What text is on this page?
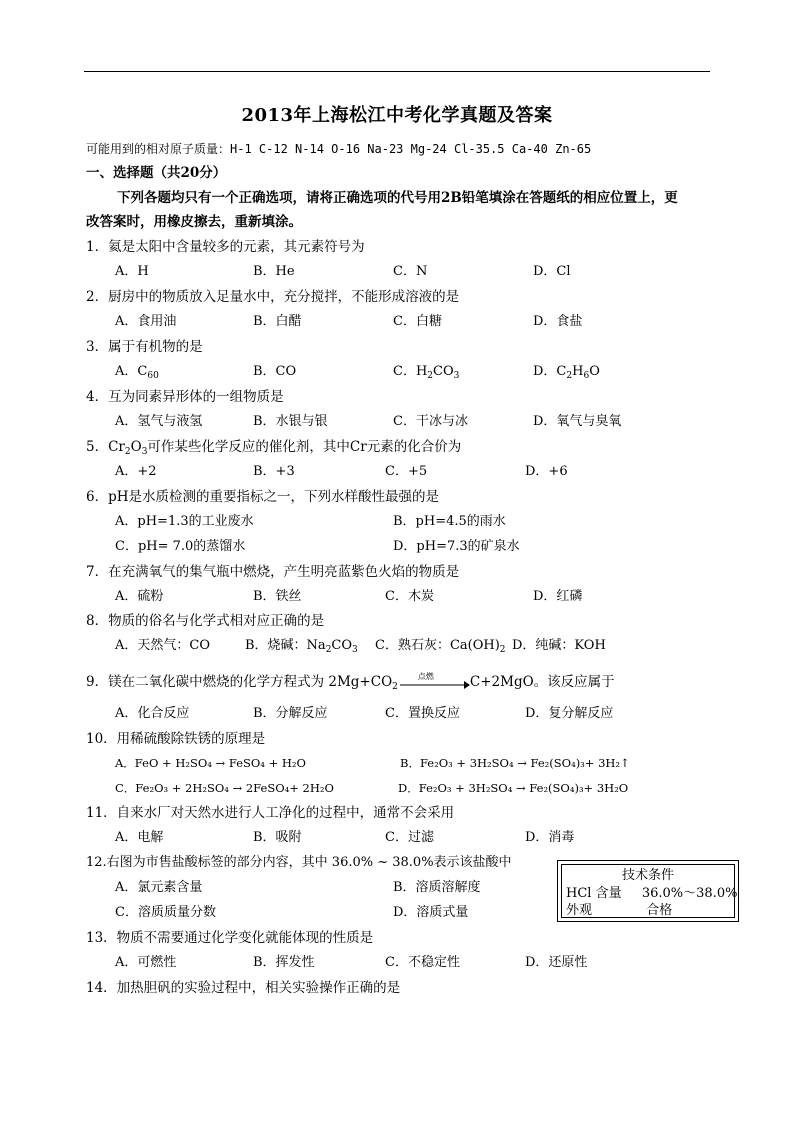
2013年上海松江中考化学真题及答案
可能用到的相对原子质量：H-1 C-12 N-14 O-16 Na-23 Mg-24 Cl-35.5 Ca-40 Zn-65
一、选择题（共20分）
下列各题均只有一个正确选项，请将正确选项的代号用2B铅笔填涂在答题纸的相应位置上，更
改答案时，用橡皮擦去，重新填涂。
1．氦是太阳中含量较多的元素，其元素符号为
A．H	B．He	C．N	D．Cl
2．厨房中的物质放入足量水中，充分搅拌，不能形成溶液的是
A．食用油	B．白醋	C．白糖	D．食盐
3．属于有机物的是
A．$C_{60}$	B．CO	C．$H_2CO_3$	D．$C_2H_6O$
4．互为同素异形体的一组物质是
A．氢气与液氢	B．水银与银	C．干冰与冰	D．氧气与臭氧
5．$Cr_2O_3$可作某些化学反应的催化剂，其中Cr元素的化合价为
A．+2	B．+3	C．+5	D．+6
6．pH是水质检测的重要指标之一，下列水样酸性最强的是
A．pH=1.3的工业废水	B．pH=4.5的雨水
C．pH= 7.0的蒸馏水	D．pH=7.3的矿泉水
7．在充满氧气的集气瓶中燃烧，产生明亮蓝紫色火焰的物质是
A．硫粉	B．铁丝	C．木炭	D．红磷
8．物质的俗名与化学式相对应正确的是
A．天然气：CO	B．烧碱：$Na_2CO_3$ C．熟石灰：$Ca(OH)_2$ D．纯碱：KOH
9．镁在二氧化碳中燃烧的化学方程式为 $2Mg+CO_2$
点燃	C+2MgO。该反应属于
A．化合反应	B．分解反应	C．置换反应	D．复分解反应
10．用稀硫酸除铁锈的原理是
A．FeO + H₂SO₄ → FeSO₄ + H₂O	B．Fe₂O₃ + 3H₂SO₄ → Fe₂(SO₄)₃+ 3H₂↑
C．Fe₂O₃ + 2H₂SO₄ → 2FeSO₄+ 2H₂O	D．Fe₂O₃ + 3H₂SO₄ → Fe₂(SO₄)₃+ 3H₂O
11．自来水厂对天然水进行人工净化的过程中，通常不会采用
A．电解	B．吸附	C．过滤	D．消毒
12.右图为市售盐酸标签的部分内容，其中 36.0% ~ 38.0%表示该盐酸中
A．氯元素含量	B．溶质溶解度
C．溶质质量分数	D．溶质式量
技术条件
HCl 含量 36.0%～38.0%
外观	合格
13．物质不需要通过化学变化就能体现的性质是
A．可燃性	B．挥发性	C．不稳定性	D．还原性
14．加热胆矾的实验过程中，相关实验操作正确的是
